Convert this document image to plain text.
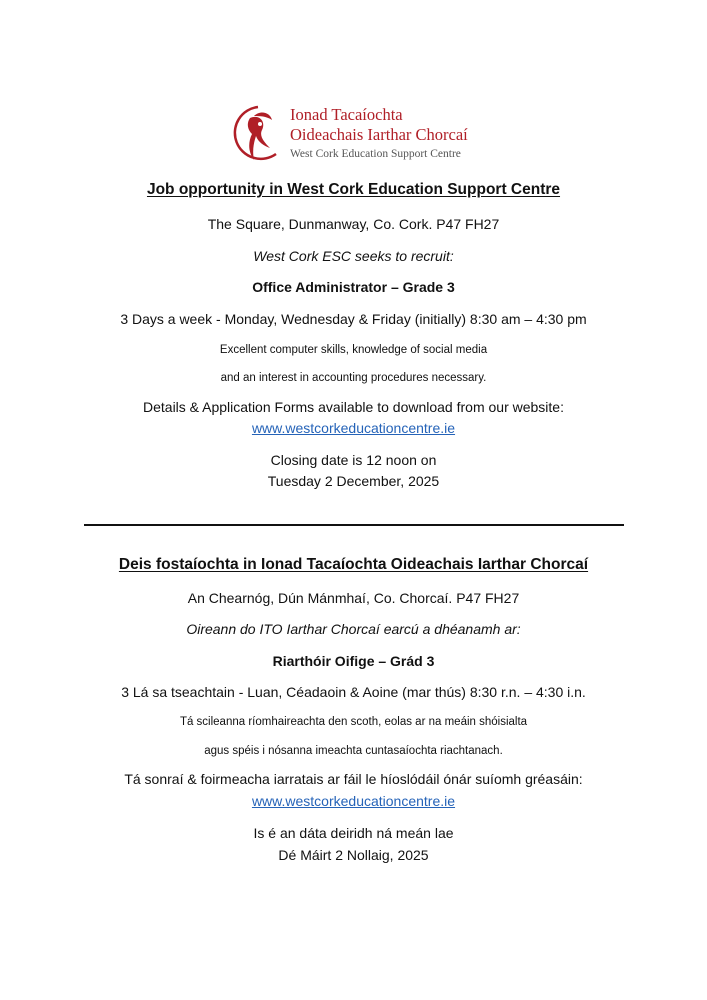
Ionad Tacaíochta
Oideachais Iarthar Chorcaí
West Cork Education Support Centre
Job opportunity in West Cork Education Support Centre
The Square, Dunmanway, Co. Cork. P47 FH27
West Cork ESC seeks to recruit:
Office Administrator – Grade 3
3 Days a week - Monday, Wednesday & Friday (initially) 8:30 am – 4:30 pm
Excellent computer skills, knowledge of social media
and an interest in accounting procedures necessary.
Details & Application Forms available to download from our website:
www.westcorkeducationcentre.ie
Closing date is 12 noon on
Tuesday 2 December, 2025
Deis fostaíochta in Ionad Tacaíochta Oideachais Iarthar Chorcaí
An Chearnóg, Dún Mánmhaí, Co. Chorcaí. P47 FH27
Oireann do ITO Iarthar Chorcaí earcú a dhéanamh ar:
Riarthóir Oifige – Grád 3
3 Lá sa tseachtain - Luan, Céadaoin & Aoine (mar thús) 8:30 r.n. – 4:30 i.n.
Tá scileanna ríomhaireachta den scoth, eolas ar na meáin shóisialta
agus spéis i nósanna imeachta cuntasaíochta riachtanach.
Tá sonraí & foirmeacha iarratais ar fáil le híoslódáil ónár suíomh gréasáin:
www.westcorkeducationcentre.ie
Is é an dáta deiridh ná meán lae
Dé Máirt 2 Nollaig, 2025
